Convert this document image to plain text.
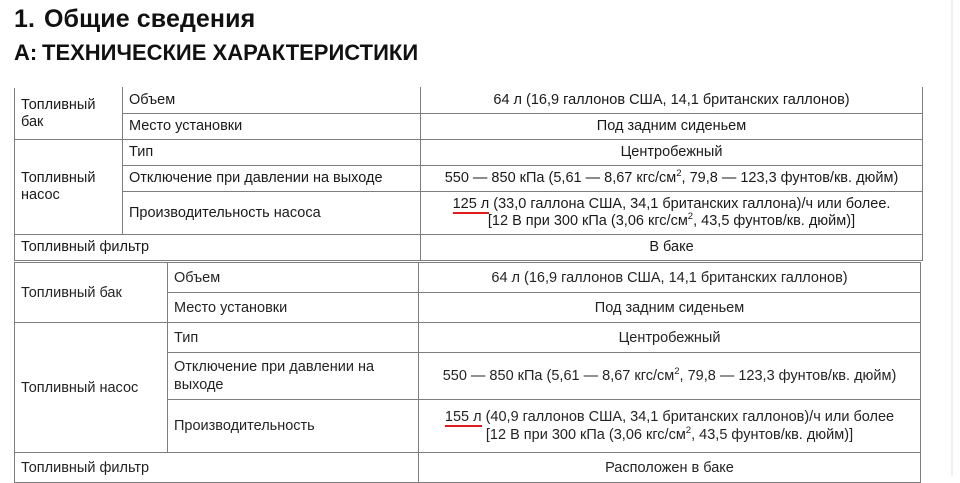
1. Общие сведения
A: ТЕХНИЧЕСКИЕ ХАРАКТЕРИСТИКИ
Топливный бак	Объем	64 л (16,9 галлонов США, 14,1 британских галлонов)
	Место установки	Под задним сиденьем
Топливный насос	Тип	Центробежный
	Отключение при давлении на выходе	550 — 850 кПа (5,61 — 8,67 кгс/$см^2$, 79,8 — 123,3 фунтов/кв. дюйм)
	Производительность насоса	125 л (33,0 галлона США, 34,1 британских галлона)/ч или более.
[12 В при 300 кПа (3,06 кгс/$см^2$, 43,5 фунтов/кв. дюйм)]

Топливный фильтр		В баке
Топливный бак	Объем	64 л (16,9 галлонов США, 14,1 британских галлонов)
	Место установки	Под задним сиденьем
Топливный насос	Тип	Центробежный
	Отключение при давлении на выходе	550 — 850 кПа (5,61 — 8,67 кгс/$см^2$, 79,8 — 123,3 фунтов/кв. дюйм)
	Производительность	155 л (40,9 галлонов США, 34,1 британских галлонов)/ч или более
[12 В при 300 кПа (3,06 кгс/$см^2$, 43,5 фунтов/кв. дюйм)]

Топливный фильтр		Расположен в баке
